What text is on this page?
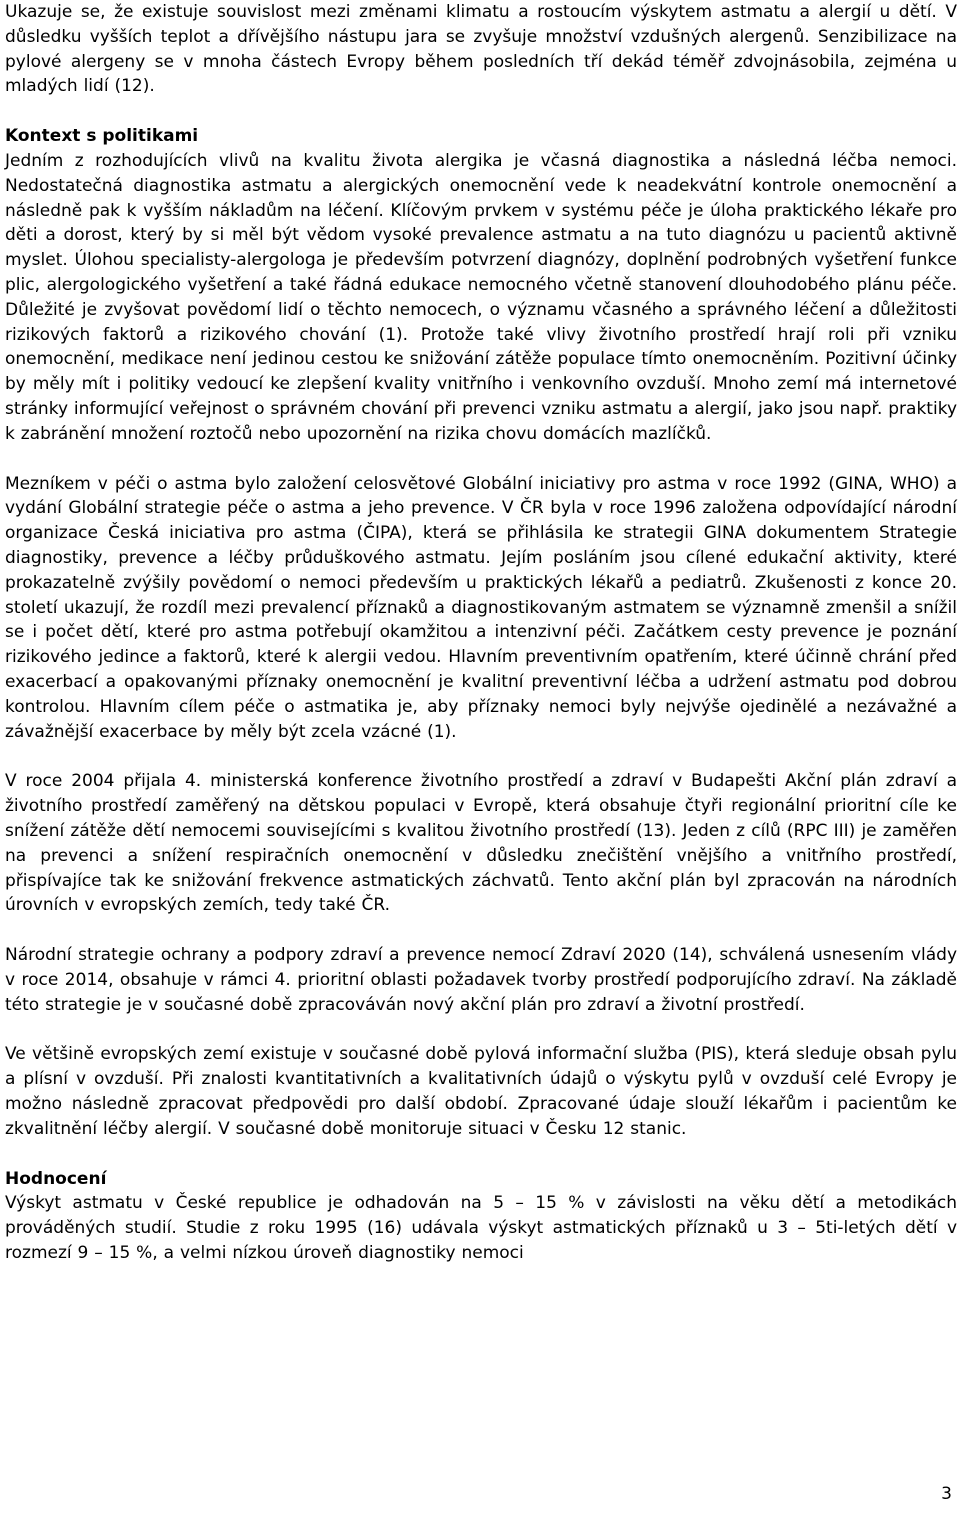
Ukazuje se, že existuje souvislost mezi změnami klimatu a rostoucím výskytem astmatu a alergií u dětí. V důsledku vyšších teplot a dřívějšího nástupu jara se zvyšuje množství vzdušných alergenů. Senzibilizace na pylové alergeny se v mnoha částech Evropy během posledních tří dekád téměř zdvojnásobila, zejména u mladých lidí (12).

Kontext s politikami

Jedním z rozhodujících vlivů na kvalitu života alergika je včasná diagnostika a následná léčba nemoci. Nedostatečná diagnostika astmatu a alergických onemocnění vede k neadekvátní kontrole onemocnění a následně pak k vyšším nákladům na léčení. Klíčovým prvkem v systému péče je úloha praktického lékaře pro děti a dorost, který by si měl být vědom vysoké prevalence astmatu a na tuto diagnózu u pacientů aktivně myslet. Úlohou specialisty-alergologa je především potvrzení diagnózy, doplnění podrobných vyšetření funkce plic, alergologického vyšetření a také řádná edukace nemocného včetně stanovení dlouhodobého plánu péče. Důležité je zvyšovat povědomí lidí o těchto nemocech, o významu včasného a správného léčení a důležitosti rizikových faktorů a rizikového chování (1). Protože také vlivy životního prostředí hrají roli při vzniku onemocnění, medikace není jedinou cestou ke snižování zátěže populace tímto onemocněním. Pozitivní účinky by měly mít i politiky vedoucí ke zlepšení kvality vnitřního i venkovního ovzduší. Mnoho zemí má internetové stránky informující veřejnost o správném chování při prevenci vzniku astmatu a alergií, jako jsou např. praktiky k zabránění množení roztočů nebo upozornění na rizika chovu domácích mazlíčků.

Mezníkem v péči o astma bylo založení celosvětové Globální iniciativy pro astma v roce 1992 (GINA, WHO) a vydání Globální strategie péče o astma a jeho prevence. V ČR byla v roce 1996 založena odpovídající národní organizace Česká iniciativa pro astma (ČIPA), která se přihlásila ke strategii GINA dokumentem Strategie diagnostiky, prevence a léčby průduškového astmatu. Jejím posláním jsou cílené edukační aktivity, které prokazatelně zvýšily povědomí o nemoci především u praktických lékařů a pediatrů. Zkušenosti z konce 20. století ukazují, že rozdíl mezi prevalencí příznaků a diagnostikovaným astmatem se významně zmenšil a snížil se i počet dětí, které pro astma potřebují okamžitou a intenzivní péči. Začátkem cesty prevence je poznání rizikového jedince a faktorů, které k alergii vedou. Hlavním preventivním opatřením, které účinně chrání před exacerbací a opakovanými příznaky onemocnění je kvalitní preventivní léčba a udržení astmatu pod dobrou kontrolou. Hlavním cílem péče o astmatika je, aby příznaky nemoci byly nejvýše ojedinělé a nezávažné a závažnější exacerbace by měly být zcela vzácné (1).

V roce 2004 přijala 4. ministerská konference životního prostředí a zdraví v Budapešti Akční plán zdraví a životního prostředí zaměřený na dětskou populaci v Evropě, která obsahuje čtyři regionální prioritní cíle ke snížení zátěže dětí nemocemi souvisejícími s kvalitou životního prostředí (13). Jeden z cílů (RPC III) je zaměřen na prevenci a snížení respiračních onemocnění v důsledku znečištění vnějšího a vnitřního prostředí, přispívajíce tak ke snižování frekvence astmatických záchvatů. Tento akční plán byl zpracován na národních úrovních v evropských zemích, tedy také ČR.

Národní strategie ochrany a podpory zdraví a prevence nemocí Zdraví 2020 (14), schválená usnesením vlády v roce 2014, obsahuje v rámci 4. prioritní oblasti požadavek tvorby prostředí podporujícího zdraví. Na základě této strategie je v současné době zpracováván nový akční plán pro zdraví a životní prostředí.

Ve většině evropských zemí existuje v současné době pylová informační služba (PIS), která sleduje obsah pylu a plísní v ovzduší. Při znalosti kvantitativních a kvalitativních údajů o výskytu pylů v ovzduší celé Evropy je možno následně zpracovat předpovědi pro další období. Zpracované údaje slouží lékařům i pacientům ke zkvalitnění léčby alergií. V současné době monitoruje situaci v Česku 12 stanic.

Hodnocení

Výskyt astmatu v České republice je odhadován na 5 – 15 % v závislosti na věku dětí a metodikách prováděných studií. Studie z roku 1995 (16) udávala výskyt astmatických příznaků u 3 – 5ti-letých dětí v rozmezí 9 – 15 %, a velmi nízkou úroveň diagnostiky nemoci

3
